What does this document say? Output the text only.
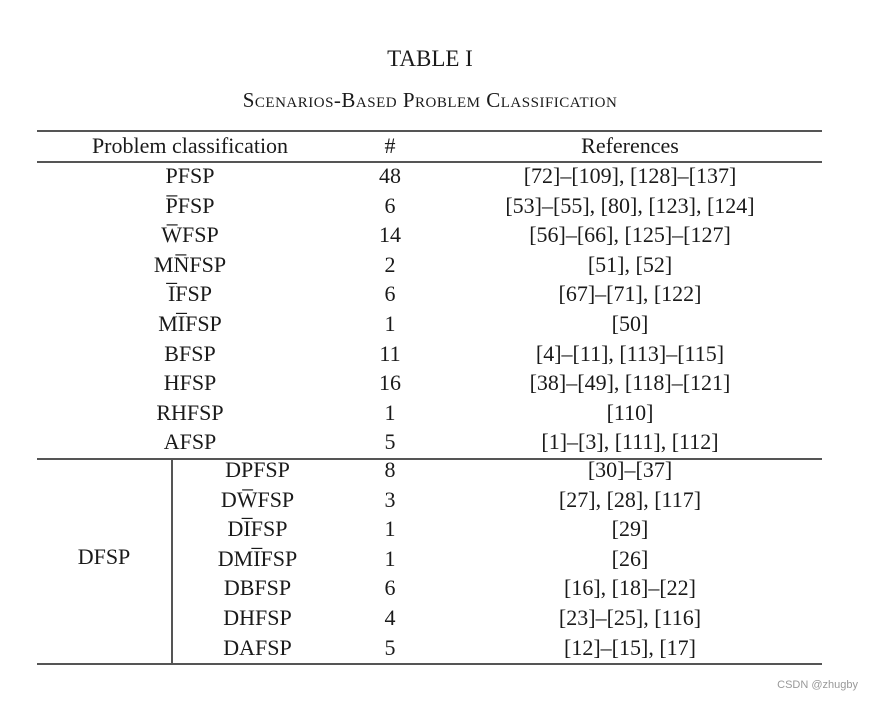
TABLE I
Scenarios-Based Problem Classification
Problem classification	#	References
PFSP	48	[72]–[109], [128]–[137]
P̅FSP	6	[53]–[55], [80], [123], [124]
W̅FSP	14	[56]–[66], [125]–[127]
MN̅FSP	2	[51], [52]
I̅FSP	6	[67]–[71], [122]
MI̅FSP	1	[50]
BFSP	11	[4]–[11], [113]–[115]
HFSP	16	[38]–[49], [118]–[121]
RHFSP	1	[110]
AFSP	5	[1]–[3], [111], [112]
DFSP
DPFSP	8	[30]–[37]
DW̅FSP	3	[27], [28], [117]
DI̅FSP	1	[29]
DMI̅FSP	1	[26]
DBFSP	6	[16], [18]–[22]
DHFSP	4	[23]–[25], [116]
DAFSP	5	[12]–[15], [17]
CSDN @zhugby
